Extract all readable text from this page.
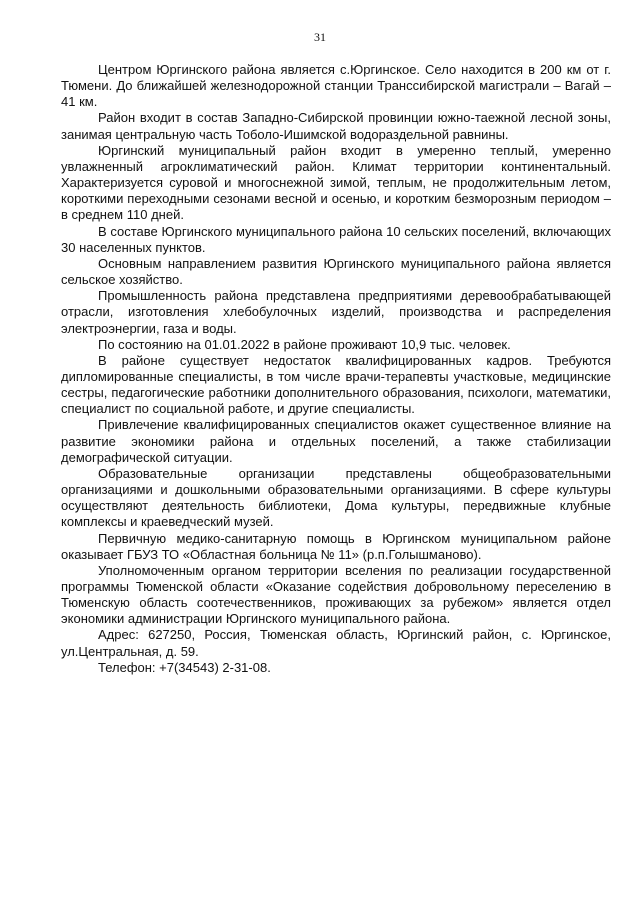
31

Центром Юргинского района является с.Юргинское. Село находится в 200 км от г. Тюмени. До ближайшей железнодорожной станции Транссибирской магистрали – Вагай – 41 км.

Район входит в состав Западно-Сибирской провинции южно-таежной лесной зоны, занимая центральную часть Тоболо-Ишимской водораздельной равнины.

Юргинский муниципальный район входит в умеренно теплый, умеренно увлажненный агроклиматический район. Климат территории континентальный. Характеризуется суровой и многоснежной зимой, теплым, не продолжительным летом, короткими переходными сезонами весной и осенью, и коротким безморозным периодом – в среднем 110 дней.

В составе Юргинского муниципального района 10 сельских поселений, включающих 30 населенных пунктов.

Основным направлением развития Юргинского муниципального района является сельское хозяйство.

Промышленность района представлена предприятиями деревообрабатывающей отрасли, изготовления хлебобулочных изделий, производства и распределения электроэнергии, газа и воды.

По состоянию на 01.01.2022 в районе проживают 10,9 тыс. человек.

В районе существует недостаток квалифицированных кадров. Требуются дипломированные специалисты, в том числе врачи-терапевты участковые, медицинские сестры, педагогические работники дополнительного образования, психологи, математики, специалист по социальной работе, и другие специалисты.

Привлечение квалифицированных специалистов окажет существенное влияние на развитие экономики района и отдельных поселений, а также стабилизации демографической ситуации.

Образовательные организации представлены общеобразовательными организациями и дошкольными образовательными организациями. В сфере культуры осуществляют деятельность библиотеки, Дома культуры, передвижные клубные комплексы и краеведческий музей.

Первичную медико-санитарную помощь в Юргинском муниципальном районе оказывает ГБУЗ ТО «Областная больница № 11» (р.п.Голышманово).

Уполномоченным органом территории вселения по реализации государственной программы Тюменской области «Оказание содействия добровольному переселению в Тюменскую область соотечественников, проживающих за рубежом» является отдел экономики администрации Юргинского муниципального района.

Адрес: 627250, Россия, Тюменская область, Юргинский район, с. Юргинское, ул.Центральная, д. 59.

Телефон: +7(34543) 2-31-08.
